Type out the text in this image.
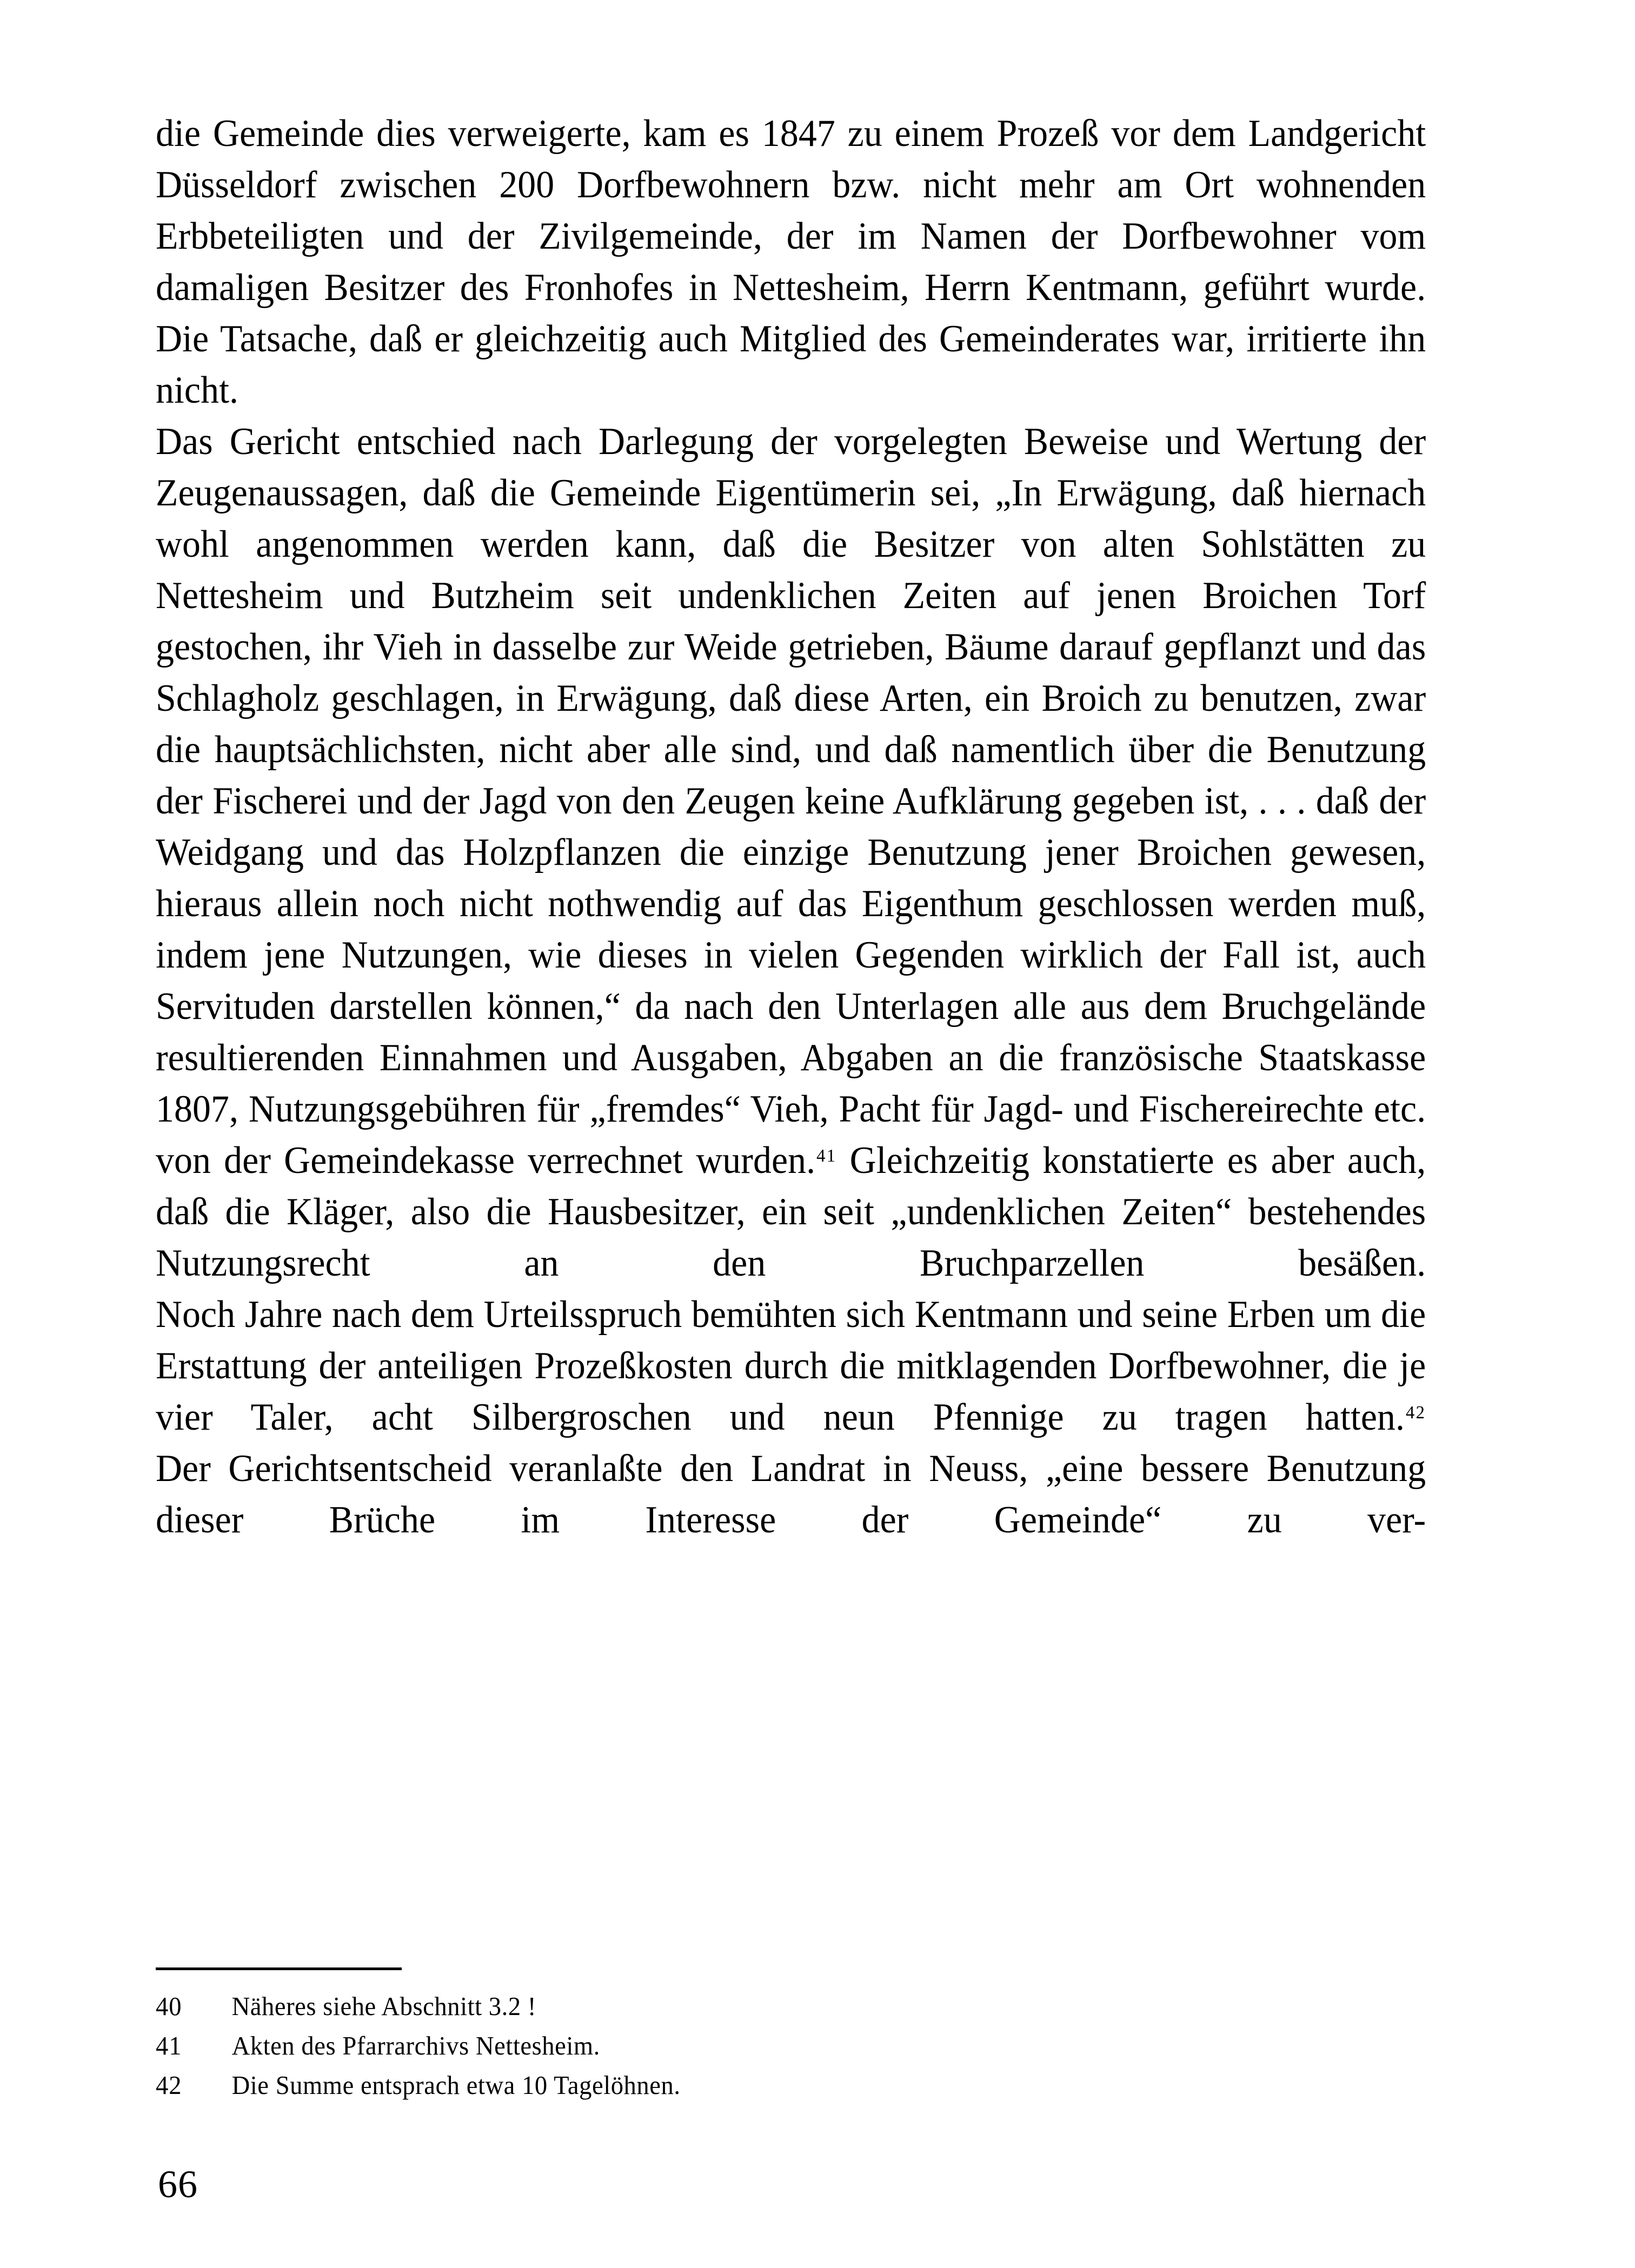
die Gemeinde dies verweigerte, kam es 1847 zu einem Prozeß vor dem Landgericht Düsseldorf zwischen 200 Dorfbewohnern bzw. nicht mehr am Ort wohnenden Erbbeteiligten und der Zivilgemeinde, der im Namen der Dorfbewohner vom damaligen Besitzer des Fronhofes in Nettesheim, Herrn Kentmann, geführt wurde. Die Tatsache, daß er gleichzeitig auch Mitglied des Gemeinderates war, irritierte ihn nicht.

Das Gericht entschied nach Darlegung der vorgelegten Beweise und Wertung der Zeugenaussagen, daß die Gemeinde Eigentümerin sei, „In Erwägung, daß hiernach wohl angenommen werden kann, daß die Besitzer von alten Sohlstätten zu Nettesheim und Butzheim seit undenklichen Zeiten auf jenen Broichen Torf gestochen, ihr Vieh in dasselbe zur Weide getrieben, Bäume darauf gepflanzt und das Schlagholz geschlagen, in Erwägung, daß diese Arten, ein Broich zu benutzen, zwar die hauptsächlichsten, nicht aber alle sind, und daß namentlich über die Benutzung der Fischerei und der Jagd von den Zeugen keine Aufklärung gegeben ist, . . . daß der Weidgang und das Holzpflanzen die einzige Benutzung jener Broichen gewesen, hieraus allein noch nicht nothwendig auf das Eigenthum geschlossen werden muß, indem jene Nutzungen, wie dieses in vielen Gegenden wirklich der Fall ist, auch Servituden darstellen können,“ da nach den Unterlagen alle aus dem Bruchgelände resultierenden Einnahmen und Ausgaben, Abgaben an die französische Staatskasse 1807, Nutzungsgebühren für „fremdes“ Vieh, Pacht für Jagd- und Fischereirechte etc. von der Gemeindekasse verrechnet wurden.$^{41}$ Gleichzeitig konstatierte es aber auch, daß die Kläger, also die Hausbesitzer, ein seit „undenklichen Zeiten“ bestehendes Nutzungsrecht an den Bruchparzellen besäßen.

Noch Jahre nach dem Urteilsspruch bemühten sich Kentmann und seine Erben um die Erstattung der anteiligen Prozeßkosten durch die mitklagenden Dorfbewohner, die je vier Taler, acht Silbergroschen und neun Pfennige zu tragen hatten.$^{42}$

Der Gerichtsentscheid veranlaßte den Landrat in Neuss, „eine bessere Benutzung dieser Brüche im Interesse der Gemeinde“ zu ver-

40	Näheres siehe Abschnitt 3.2 !
41	Akten des Pfarrarchivs Nettesheim.
42	Die Summe entsprach etwa 10 Tagelöhnen.
66
